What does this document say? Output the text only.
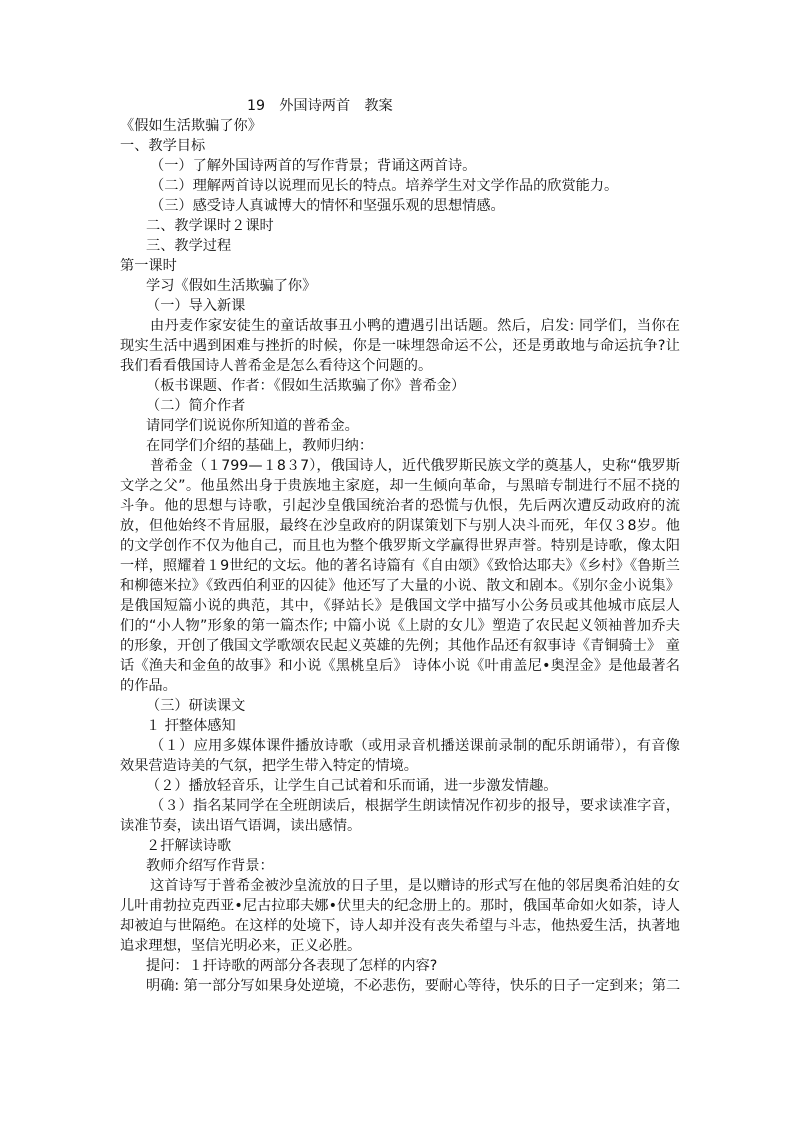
19　外国诗两首　教案
《假如生活欺骗了你》
一、教学目标
（一）了解外国诗两首的写作背景；背诵这两首诗。
（二）理解两首诗以说理而见长的特点。培养学生对文学作品的欣赏能力。
（三）感受诗人真诚博大的情怀和坚强乐观的思想情感。
二、教学课时２课时
三、教学过程
第一课时
学习《假如生活欺骗了你》
（一）导入新课
由丹麦作家安徒生的童话故事丑小鸭的遭遇引出话题。然后，启发: 同学们，当你在现实生活中遇到困难与挫折的时候，你是一味埋怨命运不公，还是勇敢地与命运抗争?让我们看看俄国诗人普希金是怎么看待这个问题的。
（板书课题、作者：《假如生活欺骗了你》普希金）
（二）简介作者
请同学们说说你所知道的普希金。
在同学们介绍的基础上，教师归纳：
普希金（１799—１8３7），俄国诗人，近代俄罗斯民族文学的奠基人，史称“俄罗斯文学之父”。他虽然出身于贵族地主家庭，却一生倾向革命，与黑暗专制进行不屈不挠的斗争。他的思想与诗歌，引起沙皇俄国统治者的恐慌与仇恨，先后两次遭反动政府的流放，但他始终不肯屈服，最终在沙皇政府的阴谋策划下与别人决斗而死，年仅３8岁。他的文学创作不仅为他自己，而且也为整个俄罗斯文学赢得世界声誉。特别是诗歌，像太阳一样，照耀着１9世纪的文坛。他的著名诗篇有《自由颂》《致恰达耶夫》《乡村》《鲁斯兰和柳德米拉》《致西伯利亚的囚徒》他还写了大量的小说、散文和剧本。《别尔金小说集》是俄国短篇小说的典范，其中，《驿站长》是俄国文学中描写小公务员或其他城市底层人们的“小人物”形象的第一篇杰作; 中篇小说《上尉的女儿》塑造了农民起义领袖普加乔夫的形象，开创了俄国文学歌颂农民起义英雄的先例；其他作品还有叙事诗《青铜骑士》 童话《渔夫和金鱼的故事》和小说《黑桃皇后》 诗体小说《叶甫盖尼•奥涅金》是他最著名的作品。
（三）研读课文
１ 扞整体感知
（１）应用多媒体课件播放诗歌（或用录音机播送课前录制的配乐朗诵带），有音像效果营造诗美的气氛，把学生带入特定的情境。
（２）播放轻音乐，让学生自己试着和乐而诵，进一步激发情趣。
（３）指名某同学在全班朗读后，根据学生朗读情况作初步的报导，要求读准字音，读准节奏，读出语气语调，读出感情。
２扞解读诗歌
教师介绍写作背景：
这首诗写于普希金被沙皇流放的日子里，是以赠诗的形式写在他的邻居奥希泊娃的女儿叶甫勃拉克西亚•尼古拉耶夫娜•伏里夫的纪念册上的。那时，俄国革命如火如荼，诗人却被迫与世隔绝。在这样的处境下，诗人却并没有丧失希望与斗志，他热爱生活，执著地追求理想，坚信光明必来，正义必胜。
提问：１扞诗歌的两部分各表现了怎样的内容?
明确: 第一部分写如果身处逆境，不必悲伤，要耐心等待，快乐的日子一定到来；第二
